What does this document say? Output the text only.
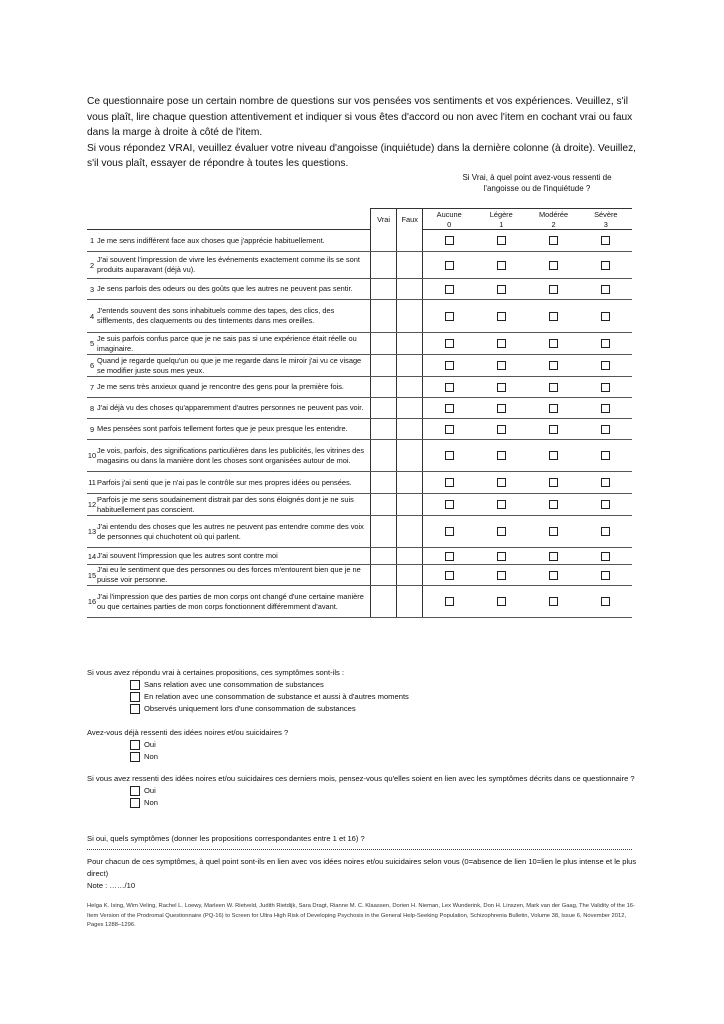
Ce questionnaire pose un certain nombre de questions sur vos pensées vos sentiments et vos expériences. Veuillez, s'il vous plaît, lire chaque question attentivement et indiquer si vous êtes d'accord ou non avec l'item en cochant vrai ou faux dans la marge à droite à côté de l'item.

Si vous répondez VRAI, veuillez évaluer votre niveau d'angoisse (inquiétude) dans la dernière colonne (à droite). Veuillez, s'il vous plaît, essayer de répondre à toutes les questions.

Si Vrai, à quel point avez-vous ressenti de l'angoisse ou de l'inquiétude ?
		Vrai	Faux	Aucune	Légère	Modérée	Sévère
				0	1	2	3
1	Je me sens indifférent face aux choses que j'apprécie habituellement.						
2	J'ai souvent l'impression de vivre les événements exactement comme ils se sont produits auparavant (déjà vu).						
3	Je sens parfois des odeurs ou des goûts que les autres ne peuvent pas sentir.						
4	J'entends souvent des sons inhabituels comme des tapes, des clics, des sifflements, des claquements ou des tintements dans mes oreilles.						
5	Je suis parfois confus parce que je ne sais pas si une expérience était réelle ou imaginaire.						
6	Quand je regarde quelqu'un ou que je me regarde dans le miroir j'ai vu ce visage se modifier juste sous mes yeux.						
7	Je me sens très anxieux quand je rencontre des gens pour la première fois.						
8	J'ai déjà vu des choses qu'apparemment d'autres personnes ne peuvent pas voir.						
9	Mes pensées sont parfois tellement fortes que je peux presque les entendre.						
10	Je vois, parfois, des significations particulières dans les publicités, les vitrines des magasins ou dans la manière dont les choses sont organisées autour de moi.						
11	Parfois j'ai senti que je n'ai pas le contrôle sur mes propres idées ou pensées.						
12	Parfois je me sens soudainement distrait par des sons éloignés dont je ne suis habituellement pas conscient.						
13	J'ai entendu des choses que les autres ne peuvent pas entendre comme des voix de personnes qui chuchotent où qui parlent.						
14	J'ai souvent l'impression que les autres sont contre moi						
15	J'ai eu le sentiment que des personnes ou des forces m'entourent bien que je ne puisse voir personne.						
16	J'ai l'impression que des parties de mon corps ont changé d'une certaine manière ou que certaines parties de mon corps fonctionnent différemment d'avant.						
Si vous avez répondu vrai à certaines propositions, ces symptômes sont-ils :
Sans relation avec une consommation de substances
En relation avec une consommation de substance et aussi à d'autres moments
Observés uniquement lors d'une consommation de substances
Avez-vous déjà ressenti des idées noires et/ou suicidaires ?
Oui
Non
Si vous avez ressenti des idées noires et/ou suicidaires ces derniers mois, pensez-vous qu'elles soient en lien avec les symptômes décrits dans ce questionnaire ?
Oui
Non
Si oui, quels symptômes (donner les propositions correspondantes entre 1 et 16) ?
Pour chacun de ces symptômes, à quel point sont-ils en lien avec vos idées noires et/ou suicidaires selon vous (0=absence de lien 10=lien le plus intense et le plus direct)
Note : ……/10
Helga K. Ising, Wim Veling, Rachel L. Loewy, Marleen W. Rietveld, Judith Rietdijk, Sara Dragt, Rianne M. C. Klaassen, Dorien H. Nieman, Lex Wunderink, Don H. Linszen, Mark van der Gaag, The Validity of the 16-Item Version of the Prodromal Questionnaire (PQ-16) to Screen for Ultra High Risk of Developing Psychosis in the General Help-Seeking Population, Schizophrenia Bulletin, Volume 38, Issue 6, November 2012, Pages 1288–1296.
